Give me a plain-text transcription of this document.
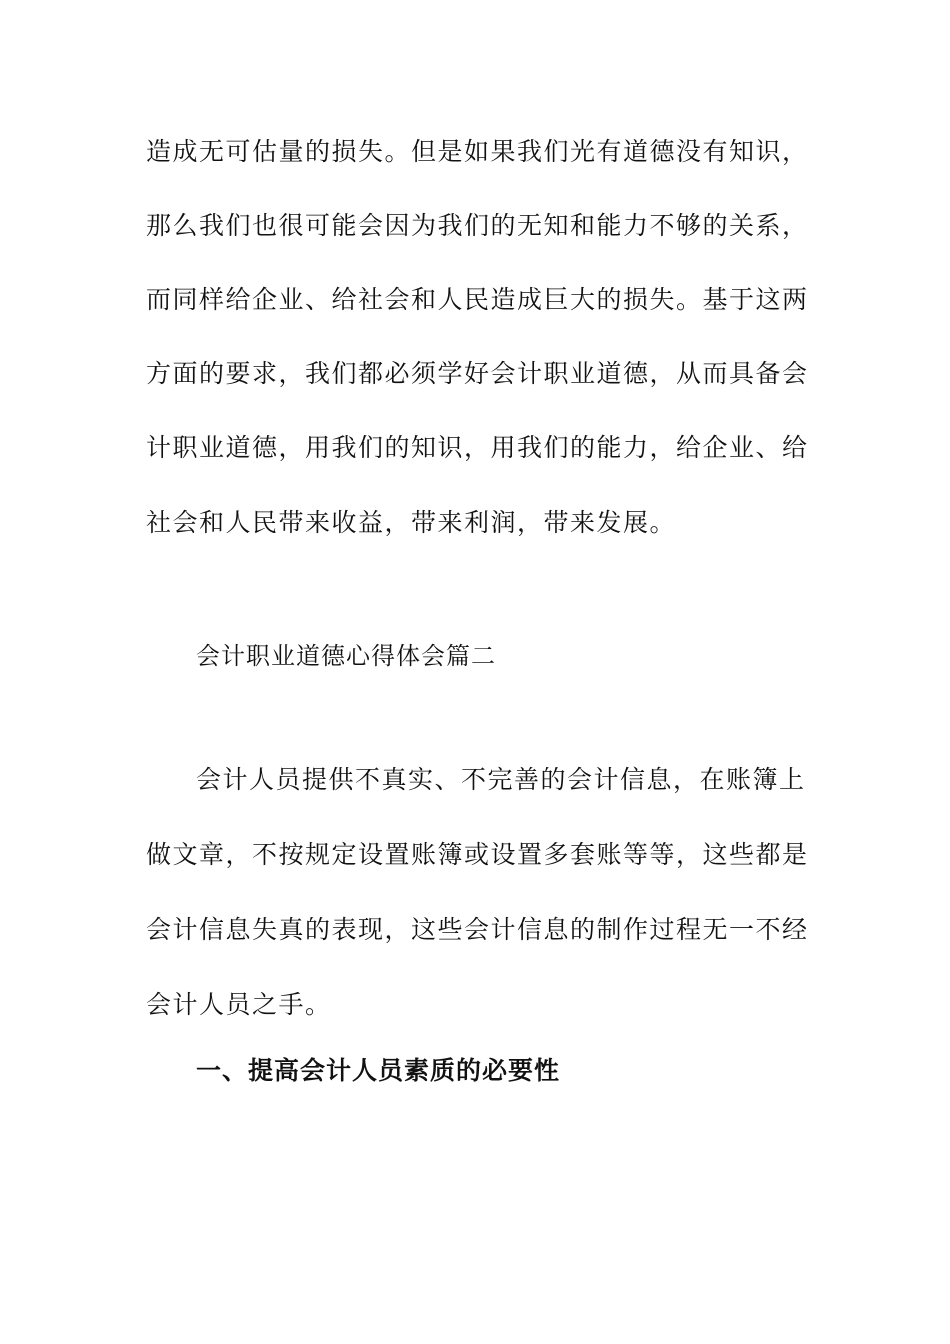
造成无可估量的损失。但是如果我们光有道德没有知识，
那么我们也很可能会因为我们的无知和能力不够的关系，
而同样给企业、给社会和人民造成巨大的损失。基于这两
方面的要求，我们都必须学好会计职业道德，从而具备会
计职业道德，用我们的知识，用我们的能力，给企业、给
社会和人民带来收益，带来利润，带来发展。
会计职业道德心得体会篇二
会计人员提供不真实、不完善的会计信息，在账簿上
做文章，不按规定设置账簿或设置多套账等等，这些都是
会计信息失真的表现，这些会计信息的制作过程无一不经
会计人员之手。
一、提高会计人员素质的必要性
